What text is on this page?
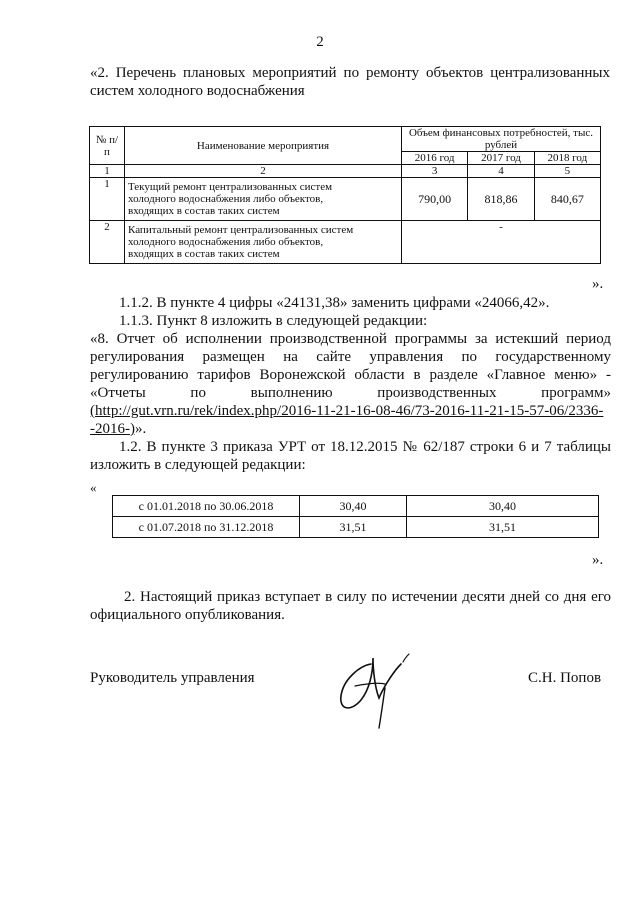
2
«2. Перечень плановых мероприятий по ремонту объектов централизованных
систем холодного водоснабжения
№ п/п	Наименование мероприятия	Объем финансовых потребностей, тыс. рублей		
		2016 год	2017 год	2018 год
1	2	3	4	5
1	Текущий ремонт централизованных систем
холодного водоснабжения либо объектов,
входящих в состав таких систем	790,00	818,86	840,67
2	Капитальный ремонт централизованных систем
холодного водоснабжения либо объектов,
входящих в состав таких систем	-		
».
1.1.2. В пункте 4 цифры «24131,38» заменить цифрами «24066,42».
1.1.3. Пункт 8 изложить в следующей редакции:
«8. Отчет об исполнении производственной программы за истекший период
регулирования размещен на сайте управления по государственному
регулированию тарифов Воронежской области в разделе «Главное меню» -
«Отчеты по выполнению производственных программ»
(http://gut.vrn.ru/rek/index.php/2016-11-21-16-08-46/73-2016-11-21-15-57-06/2336-
-2016-)».
1.2. В пункте 3 приказа УРТ от 18.12.2015 № 62/187 строки 6 и 7 таблицы
изложить в следующей редакции:
«
с 01.01.2018 по 30.06.2018	30,40	30,40
с 01.07.2018 по 31.12.2018	31,51	31,51
».
2. Настоящий приказ вступает в силу по истечении десяти дней со дня его
официального опубликования.
Руководитель управления	С.Н. Попов
